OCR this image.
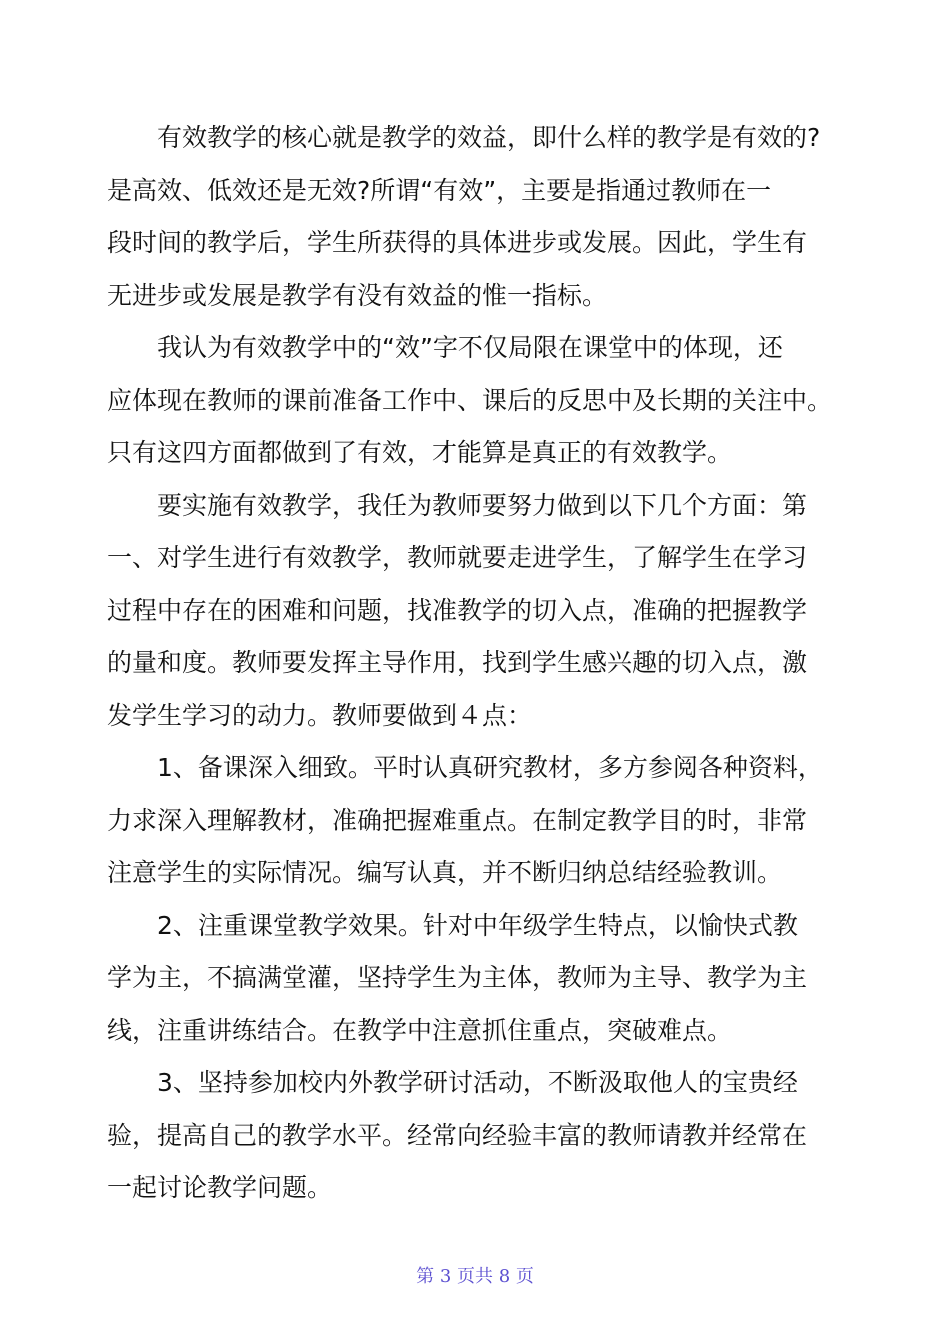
有效教学的核心就是教学的效益，即什么样的教学是有效的?
是高效、低效还是无效?所谓“有效”，主要是指通过教师在一
段时间的教学后，学生所获得的具体进步或发展。因此，学生有
无进步或发展是教学有没有效益的惟一指标。
我认为有效教学中的“效”字不仅局限在课堂中的体现，还
应体现在教师的课前准备工作中、课后的反思中及长期的关注中。
只有这四方面都做到了有效，才能算是真正的有效教学。
要实施有效教学，我任为教师要努力做到以下几个方面：第
一、对学生进行有效教学，教师就要走进学生，了解学生在学习
过程中存在的困难和问题，找准教学的切入点，准确的把握教学
的量和度。教师要发挥主导作用，找到学生感兴趣的切入点，激
发学生学习的动力。教师要做到４点：
1、备课深入细致。平时认真研究教材，多方参阅各种资料，
力求深入理解教材，准确把握难重点。在制定教学目的时，非常
注意学生的实际情况。编写认真，并不断归纳总结经验教训。
2、注重课堂教学效果。针对中年级学生特点，以愉快式教
学为主，不搞满堂灌，坚持学生为主体，教师为主导、教学为主
线，注重讲练结合。在教学中注意抓住重点，突破难点。
3、坚持参加校内外教学研讨活动，不断汲取他人的宝贵经
验，提高自己的教学水平。经常向经验丰富的教师请教并经常在
一起讨论教学问题。
第 3 页共 8 页
